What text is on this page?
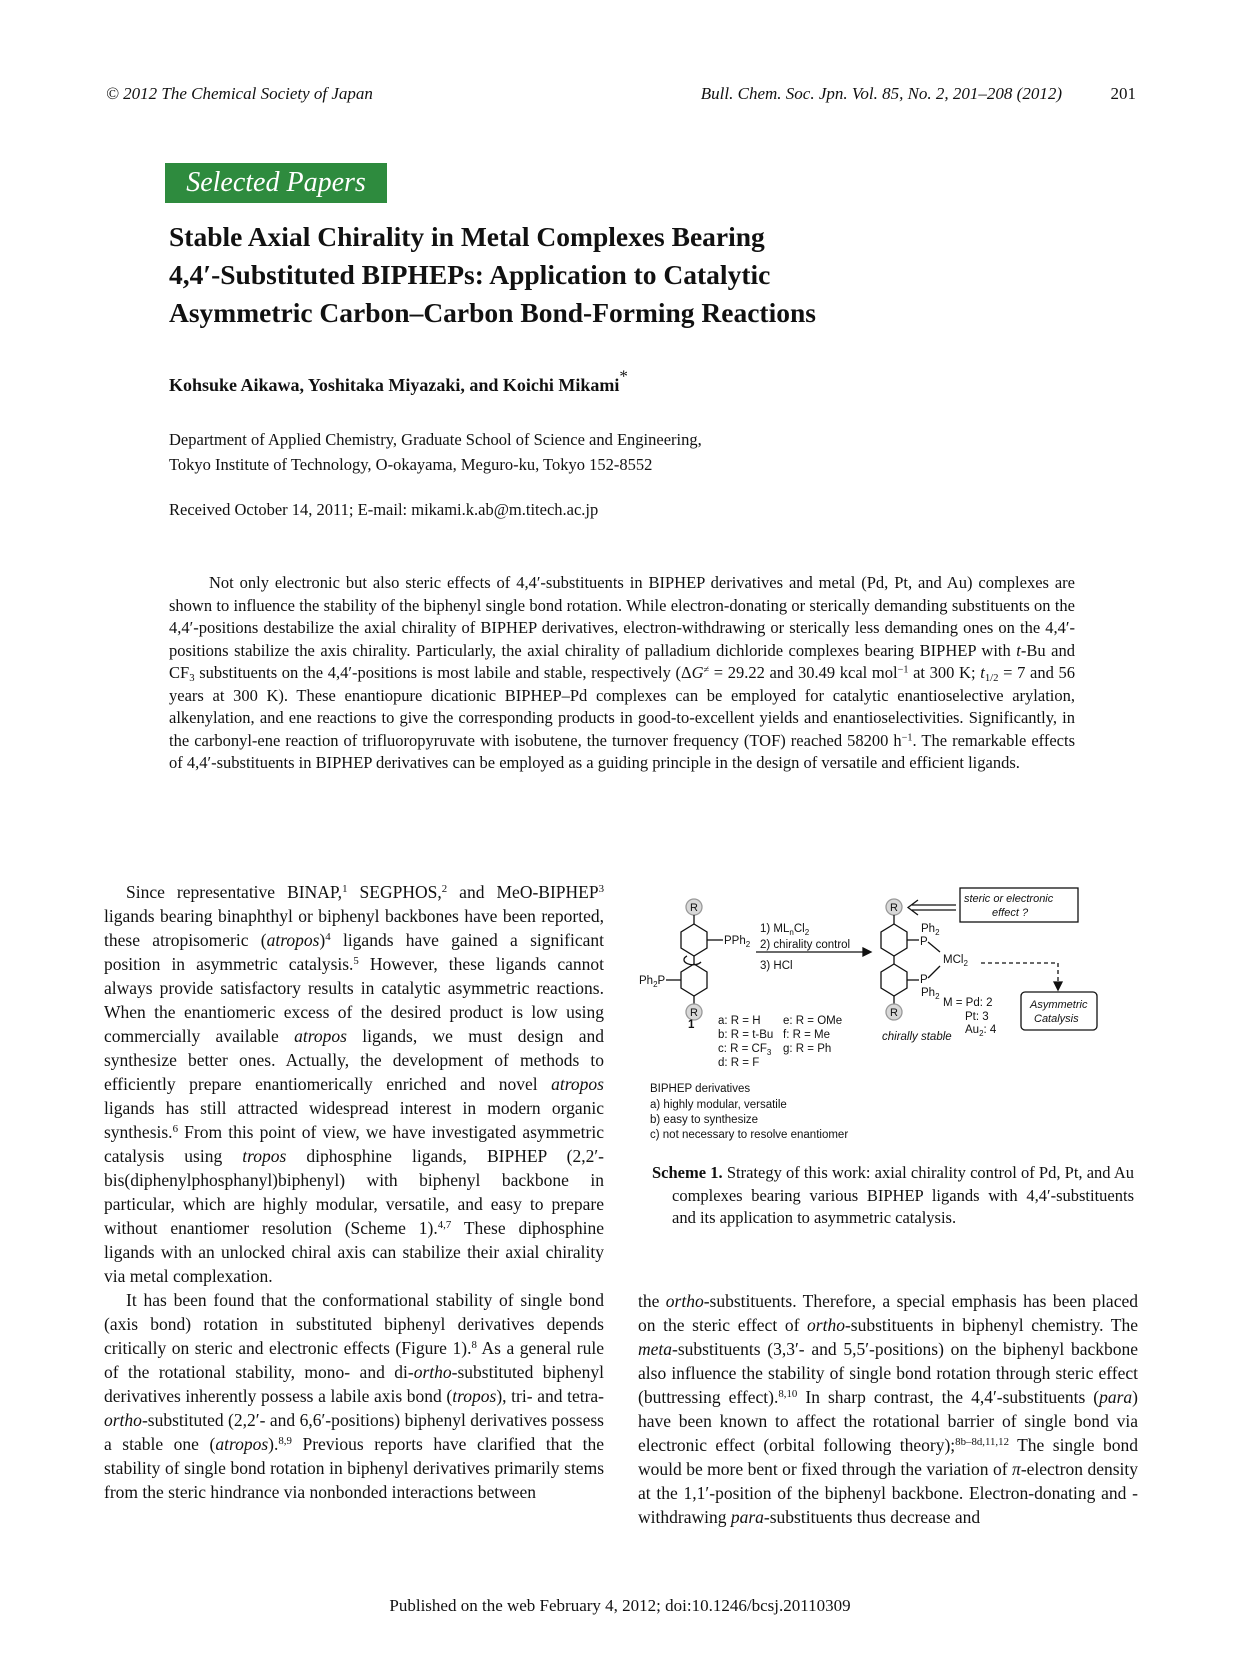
© 2012 The Chemical Society of Japan	Bull. Chem. Soc. Jpn. Vol. 85, No. 2, 201–208 (2012)	201
Selected Papers
Stable Axial Chirality in Metal Complexes Bearing
4,4′-Substituted BIPHEPs: Application to Catalytic
Asymmetric Carbon–Carbon Bond-Forming Reactions
Kohsuke Aikawa, Yoshitaka Miyazaki, and Koichi Mikami*
Department of Applied Chemistry, Graduate School of Science and Engineering,
Tokyo Institute of Technology, O-okayama, Meguro-ku, Tokyo 152-8552
Received October 14, 2011; E-mail: mikami.k.ab@m.titech.ac.jp
Not only electronic but also steric effects of 4,4′-substituents in BIPHEP derivatives and metal (Pd, Pt, and Au) complexes are shown to influence the stability of the biphenyl single bond rotation. While electron-donating or sterically demanding substituents on the 4,4′-positions destabilize the axial chirality of BIPHEP derivatives, electron-withdrawing or sterically less demanding ones on the 4,4′-positions stabilize the axis chirality. Particularly, the axial chirality of palladium dichloride complexes bearing BIPHEP with t-Bu and $CF_3$ substituents on the 4,4′-positions is most labile and stable, respectively (ΔG≠ = 29.22 and 30.49 kcal mol$^{-1}$ at 300 K; $t_{1/2} = 7$ and 56 years at 300 K). These enantiopure dicationic BIPHEP–Pd complexes can be employed for catalytic enantioselective arylation, alkenylation, and ene reactions to give the corresponding products in good-to-excellent yields and enantioselectivities. Significantly, in the carbonyl-ene reaction of trifluoropyruvate with isobutene, the turnover frequency (TOF) reached 58200 $h^{-1}$. The remarkable effects of 4,4′-substituents in BIPHEP derivatives can be employed as a guiding principle in the design of versatile and efficient ligands.

Since representative BINAP,$^1$ SEGPHOS,$^2$ and MeO-BIPHEP$^3$ ligands bearing binaphthyl or biphenyl backbones have been reported, these atropisomeric (atropos)$^4$ ligands have gained a significant position in asymmetric catalysis.$^5$ However, these ligands cannot always provide satisfactory results in catalytic asymmetric reactions. When the enantiomeric excess of the desired product is low using commercially available atropos ligands, we must design and synthesize better ones. Actually, the development of methods to efficiently prepare enantiomerically enriched and novel atropos ligands has still attracted widespread interest in modern organic synthesis.$^6$ From this point of view, we have investigated asymmetric catalysis using tropos diphosphine ligands, BIPHEP (2,2′-bis(diphenylphosphanyl)biphenyl) with biphenyl backbone in particular, which are highly modular, versatile, and easy to prepare without enantiomer resolution (Scheme 1).$^{4,7}$ These diphosphine ligands with an unlocked chiral axis can stabilize their axial chirality via metal complexation.

It has been found that the conformational stability of single bond (axis bond) rotation in substituted biphenyl derivatives depends critically on steric and electronic effects (Figure 1).$^8$ As a general rule of the rotational stability, mono- and di-ortho-substituted biphenyl derivatives inherently possess a labile axis bond (tropos), tri- and tetra-ortho-substituted (2,2′- and 6,6′-positions) biphenyl derivatives possess a stable one (atropos).$^{8,9}$ Previous reports have clarified that the stability of single bond rotation in biphenyl derivatives primarily stems from the steric hindrance via nonbonded interactions between

R
R
R
R
PPh$_2$
$Ph_2P$
1
1) $ML_nCl_2$
2) chirality control
3) HCl
$Ph_2$
P
MCl$_2$
P
$Ph_2$
steric or electronic
effect ?
Asymmetric
Catalysis
M = Pd: 2
Pt: 3
$Au_2$: 4
chirally stable
a: R = H
b: R = t-Bu
c: $R = CF_3$
d: R = F
e: R = OMe
f: R = Me
g: R = Ph
BIPHEP derivatives
a) highly modular, versatile
b) easy to synthesize
c) not necessary to resolve enantiomer
Scheme 1. Strategy of this work: axial chirality control of Pd, Pt, and Au complexes bearing various BIPHEP ligands with 4,4′-substituents and its application to asymmetric catalysis.

the ortho-substituents. Therefore, a special emphasis has been placed on the steric effect of ortho-substituents in biphenyl chemistry. The meta-substituents (3,3′- and 5,5′-positions) on the biphenyl backbone also influence the stability of single bond rotation through steric effect (buttressing effect).$^{8,10}$ In sharp contrast, the 4,4′-substituents (para) have been known to affect the rotational barrier of single bond via electronic effect (orbital following theory);$^{8b-8d,11,12}$ The single bond would be more bent or fixed through the variation of π-electron density at the 1,1′-position of the biphenyl backbone. Electron-donating and -withdrawing para-substituents thus decrease and

Published on the web February 4, 2012; doi:10.1246/bcsj.20110309
